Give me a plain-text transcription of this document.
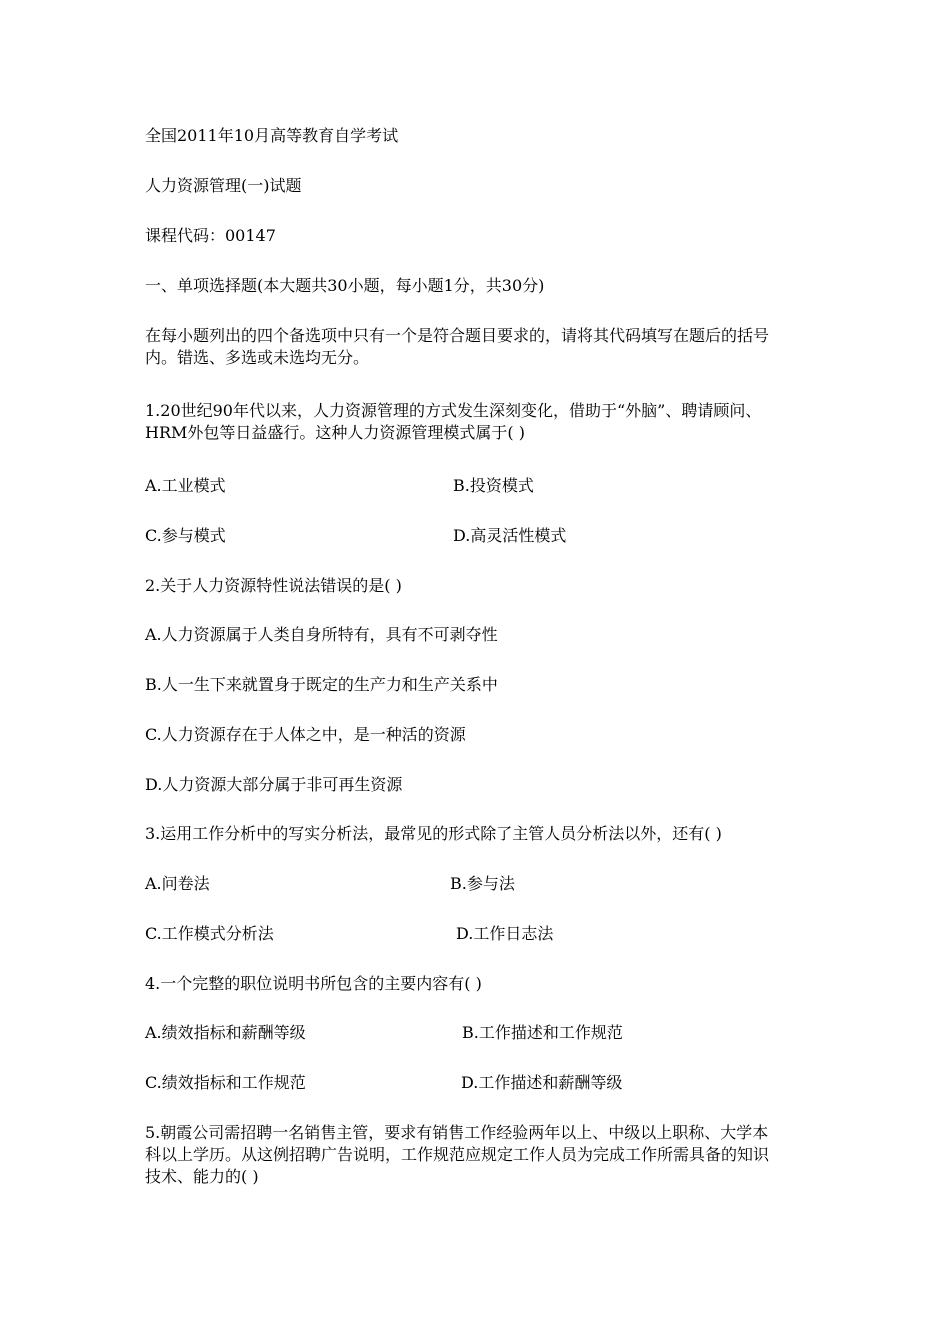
全国2011年10月高等教育自学考试
人力资源管理(一)试题
课程代码：00147
一、单项选择题(本大题共30小题，每小题1分，共30分)
在每小题列出的四个备选项中只有一个是符合题目要求的，请将其代码填写在题后的括号
内。错选、多选或未选均无分。
1.20世纪90年代以来，人力资源管理的方式发生深刻变化，借助于“外脑”、聘请顾问、
HRM外包等日益盛行。这种人力资源管理模式属于( )
A.工业模式	B.投资模式
C.参与模式	D.高灵活性模式
2.关于人力资源特性说法错误的是( )
A.人力资源属于人类自身所特有，具有不可剥夺性
B.人一生下来就置身于既定的生产力和生产关系中
C.人力资源存在于人体之中，是一种活的资源
D.人力资源大部分属于非可再生资源
3.运用工作分析中的写实分析法，最常见的形式除了主管人员分析法以外，还有( )
A.问卷法	B.参与法
C.工作模式分析法	D.工作日志法
4.一个完整的职位说明书所包含的主要内容有( )
A.绩效指标和薪酬等级	B.工作描述和工作规范
C.绩效指标和工作规范	D.工作描述和薪酬等级
5.朝霞公司需招聘一名销售主管，要求有销售工作经验两年以上、中级以上职称、大学本
科以上学历。从这例招聘广告说明，工作规范应规定工作人员为完成工作所需具备的知识
技术、能力的( )
